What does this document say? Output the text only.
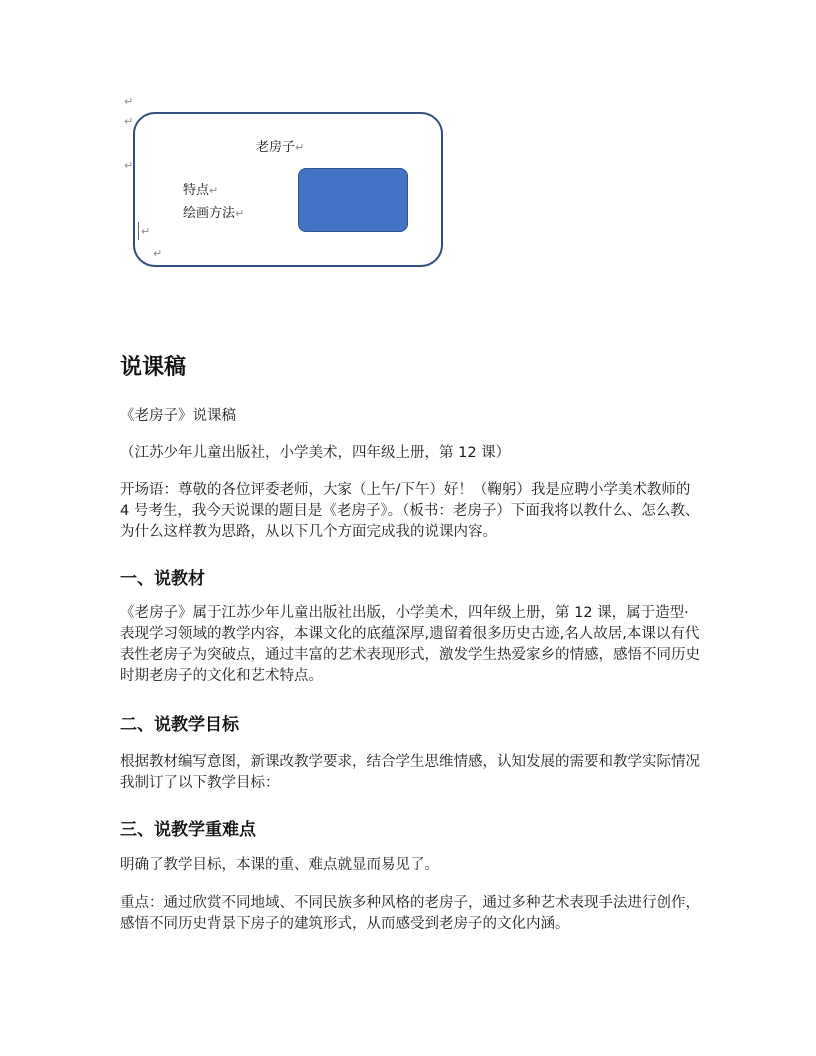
↵
↵
↵
老房子↵
特点↵
绘画方法↵
↵
↵
说课稿
《老房子》说课稿
（江苏少年儿童出版社，小学美术，四年级上册，第 12 课）
开场语：尊敬的各位评委老师，大家（上午/下午）好！（鞠躬）我是应聘小学美术教师的 4 号考生，我今天说课的题目是《老房子》。（板书：老房子）下面我将以教什么、怎么教、为什么这样教为思路，从以下几个方面完成我的说课内容。
一、说教材
《老房子》属于江苏少年儿童出版社出版，小学美术，四年级上册，第 12 课，属于造型·表现学习领域的教学内容，本课文化的底蕴深厚,遗留着很多历史古迹,名人故居,本课以有代表性老房子为突破点，通过丰富的艺术表现形式，激发学生热爱家乡的情感，感悟不同历史时期老房子的文化和艺术特点。
二、说教学目标
根据教材编写意图，新课改教学要求，结合学生思维情感，认知发展的需要和教学实际情况我制订了以下教学目标：
三、说教学重难点
明确了教学目标，本课的重、难点就显而易见了。
重点：通过欣赏不同地域、不同民族多种风格的老房子，通过多种艺术表现手法进行创作，感悟不同历史背景下房子的建筑形式，从而感受到老房子的文化内涵。
